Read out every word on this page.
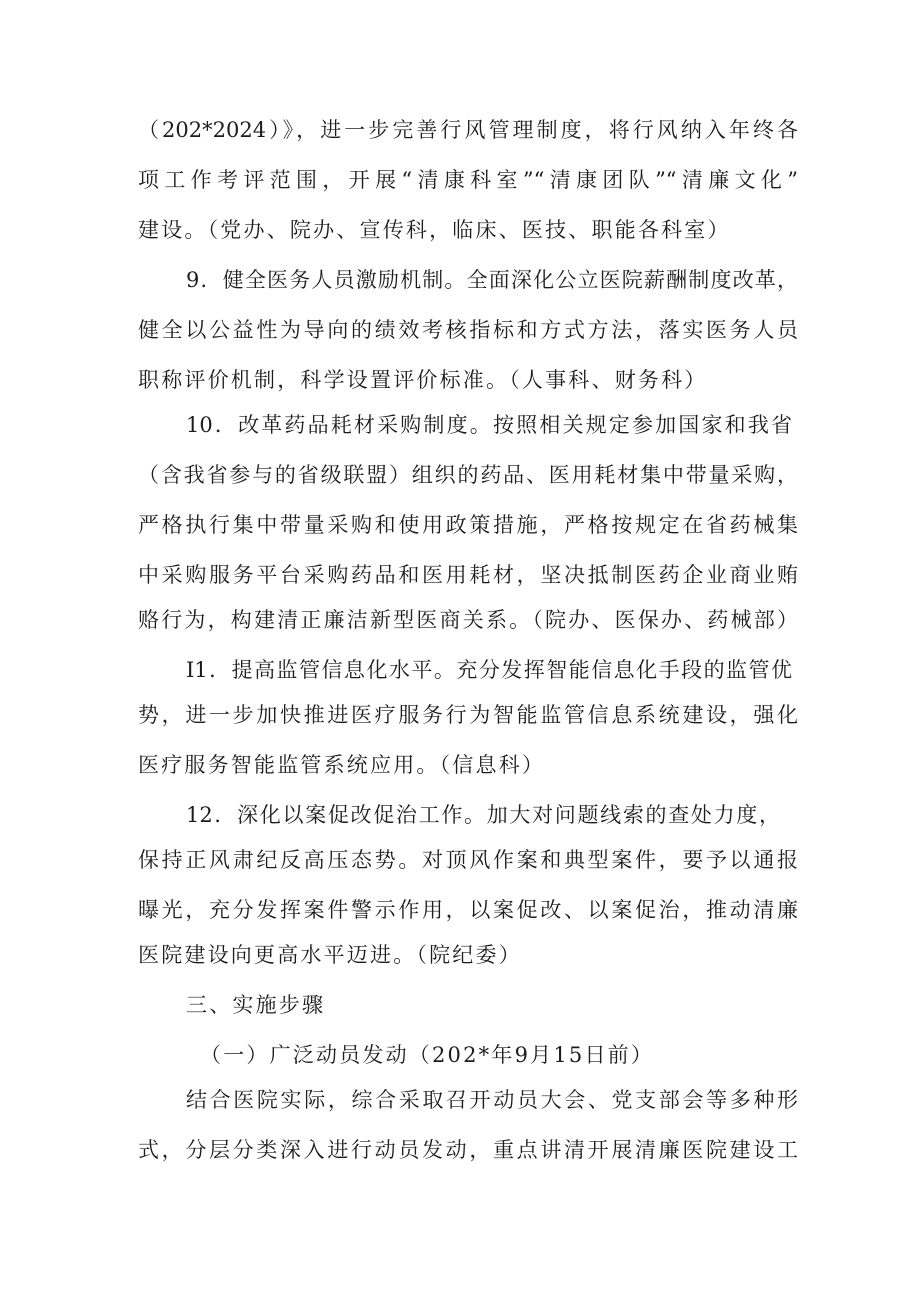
（202*2024）》，进一步完善行风管理制度，将行风纳入年终各
项工作考评范围，开展“清康科室”“清康团队”“清廉文化”
建设。（党办、院办、宣传科，临床、医技、职能各科室）
9．健全医务人员激励机制。全面深化公立医院薪酬制度改革，
健全以公益性为导向的绩效考核指标和方式方法，落实医务人员
职称评价机制，科学设置评价标准。（人事科、财务科）
10．改革药品耗材采购制度。按照相关规定参加国家和我省
（含我省参与的省级联盟）组织的药品、医用耗材集中带量采购，
严格执行集中带量采购和使用政策措施，严格按规定在省药械集
中采购服务平台采购药品和医用耗材，坚决抵制医药企业商业贿
赂行为，构建清正廉洁新型医商关系。（院办、医保办、药械部）
I1．提高监管信息化水平。充分发挥智能信息化手段的监管优
势，进一步加快推进医疗服务行为智能监管信息系统建设，强化
医疗服务智能监管系统应用。（信息科）
12．深化以案促改促治工作。加大对问题线索的查处力度，
保持正风肃纪反高压态势。对顶风作案和典型案件，要予以通报
曝光，充分发挥案件警示作用，以案促改、以案促治，推动清廉
医院建设向更高水平迈进。（院纪委）
三、实施步骤
（一）广泛动员发动（202*年9月15日前）
结合医院实际，综合采取召开动员大会、党支部会等多种形
式，分层分类深入进行动员发动，重点讲清开展清廉医院建设工
